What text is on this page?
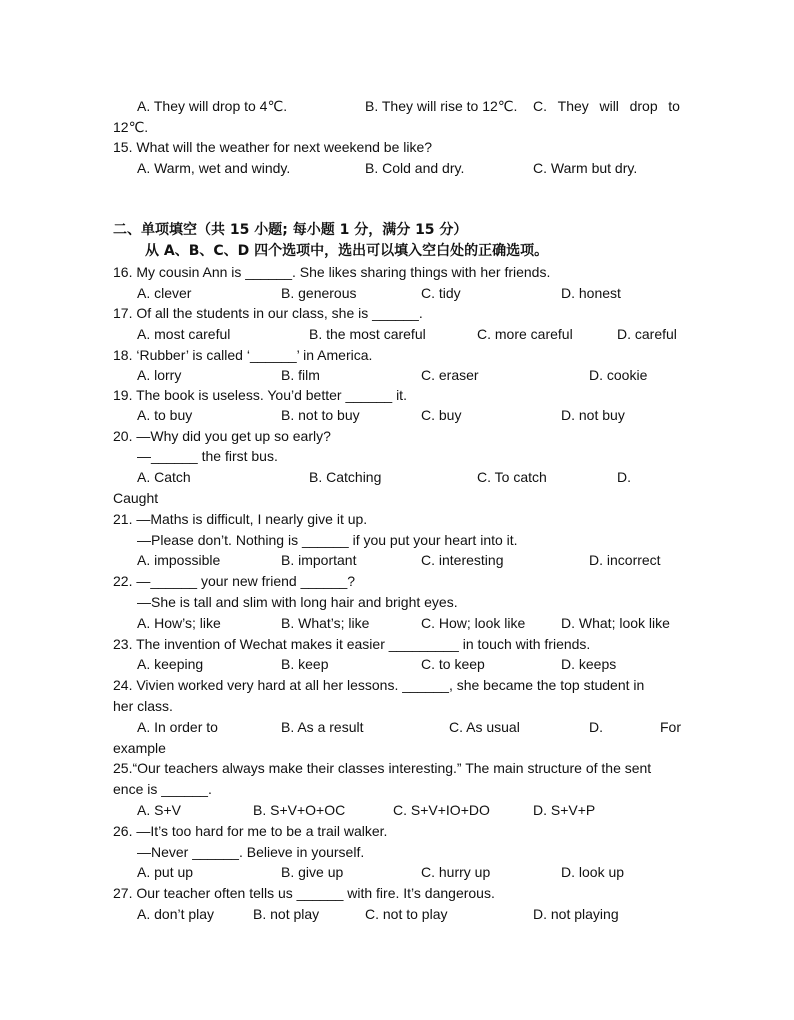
A. They will drop to 4℃.	B. They will rise to 12℃. C. They will drop to
12℃.
15. What will the weather for next weekend be like?
A. Warm, wet and windy.	B. Cold and dry.	C. Warm but dry.
二、单项填空（共 15 小题; 每小题 1 分，满分 15 分）
从 A、B、C、D 四个选项中，选出可以填入空白处的正确选项。
16. My cousin Ann is ______. She likes sharing things with her friends.
A. clever	B. generous	C. tidy	D. honest
17. Of all the students in our class, she is ______.
A. most careful	B. the most careful	C. more careful	D. careful
18. ‘Rubber’ is called ‘______’ in America.
A. lorry	B. film	C. eraser	D. cookie
19. The book is useless. You’d better ______ it.
A. to buy	B. not to buy	C. buy	D. not buy
20. —Why did you get up so early?
—______ the first bus.
A. Catch	B. Catching	C. To catch	D.
Caught
21. —Maths is difficult, I nearly give it up.
—Please don’t. Nothing is ______ if you put your heart into it.
A. impossible	B. important	C. interesting	D. incorrect
22. —______ your new friend ______?
—She is tall and slim with long hair and bright eyes.
A. How’s; like	B. What’s; like	C. How; look like	D. What; look like
23. The invention of Wechat makes it easier _________ in touch with friends.
A. keeping	B. keep	C. to keep	D. keeps
24. Vivien worked very hard at all her lessons. ______, she became the top student in
her class.
A. In order to	B. As a result	C. As usual	D.	For
example
25.“Our teachers always make their classes interesting.” The main structure of the sent
ence is ______.
A. S+V	B. S+V+O+OC	C. S+V+IO+DO	D. S+V+P
26. —It’s too hard for me to be a trail walker.
—Never ______. Believe in yourself.
A. put up	B. give up	C. hurry up	D. look up
27. Our teacher often tells us ______ with fire. It’s dangerous.
A. don’t play	B. not play	C. not to play	D. not playing
